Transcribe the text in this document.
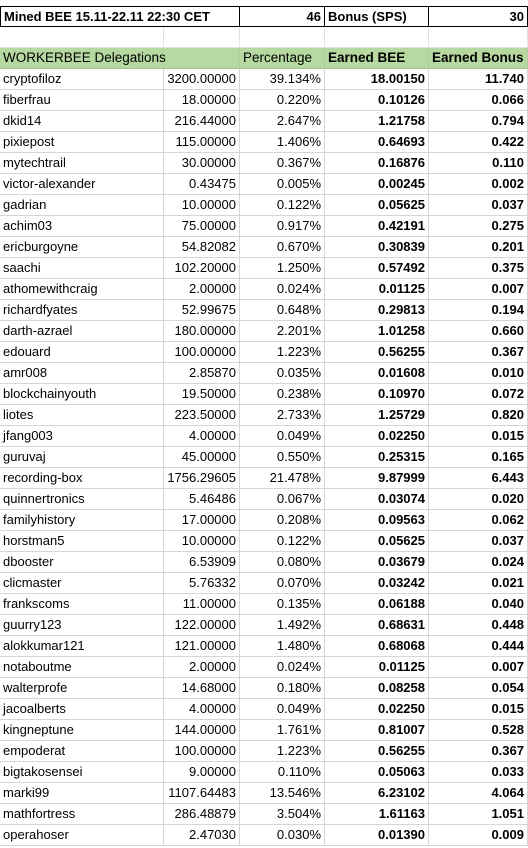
Mined BEE 15.11-22.11 22:30 CET	46 Bonus (SPS)	30
WORKERBEE Delegations	Percentage	Earned BEE	Earned Bonus
cryptofiloz	3200.00000	39.134%	18.00150	11.740
fiberfrau	18.00000	0.220%	0.10126	0.066
dkid14	216.44000	2.647%	1.21758	0.794
pixiepost	115.00000	1.406%	0.64693	0.422
mytechtrail	30.00000	0.367%	0.16876	0.110
victor-alexander	0.43475	0.005%	0.00245	0.002
gadrian	10.00000	0.122%	0.05625	0.037
achim03	75.00000	0.917%	0.42191	0.275
ericburgoyne	54.82082	0.670%	0.30839	0.201
saachi	102.20000	1.250%	0.57492	0.375
athomewithcraig	2.00000	0.024%	0.01125	0.007
richardfyates	52.99675	0.648%	0.29813	0.194
darth-azrael	180.00000	2.201%	1.01258	0.660
edouard	100.00000	1.223%	0.56255	0.367
amr008	2.85870	0.035%	0.01608	0.010
blockchainyouth	19.50000	0.238%	0.10970	0.072
liotes	223.50000	2.733%	1.25729	0.820
jfang003	4.00000	0.049%	0.02250	0.015
guruvaj	45.00000	0.550%	0.25315	0.165
recording-box	1756.29605	21.478%	9.87999	6.443
quinnertronics	5.46486	0.067%	0.03074	0.020
familyhistory	17.00000	0.208%	0.09563	0.062
horstman5	10.00000	0.122%	0.05625	0.037
dbooster	6.53909	0.080%	0.03679	0.024
clicmaster	5.76332	0.070%	0.03242	0.021
frankscoms	11.00000	0.135%	0.06188	0.040
guurry123	122.00000	1.492%	0.68631	0.448
alokkumar121	121.00000	1.480%	0.68068	0.444
notaboutme	2.00000	0.024%	0.01125	0.007
walterprofe	14.68000	0.180%	0.08258	0.054
jacoalberts	4.00000	0.049%	0.02250	0.015
kingneptune	144.00000	1.761%	0.81007	0.528
empoderat	100.00000	1.223%	0.56255	0.367
bigtakosensei	9.00000	0.110%	0.05063	0.033
marki99	1107.64483	13.546%	6.23102	4.064
mathfortress	286.48879	3.504%	1.61163	1.051
operahoser	2.47030	0.030%	0.01390	0.009
